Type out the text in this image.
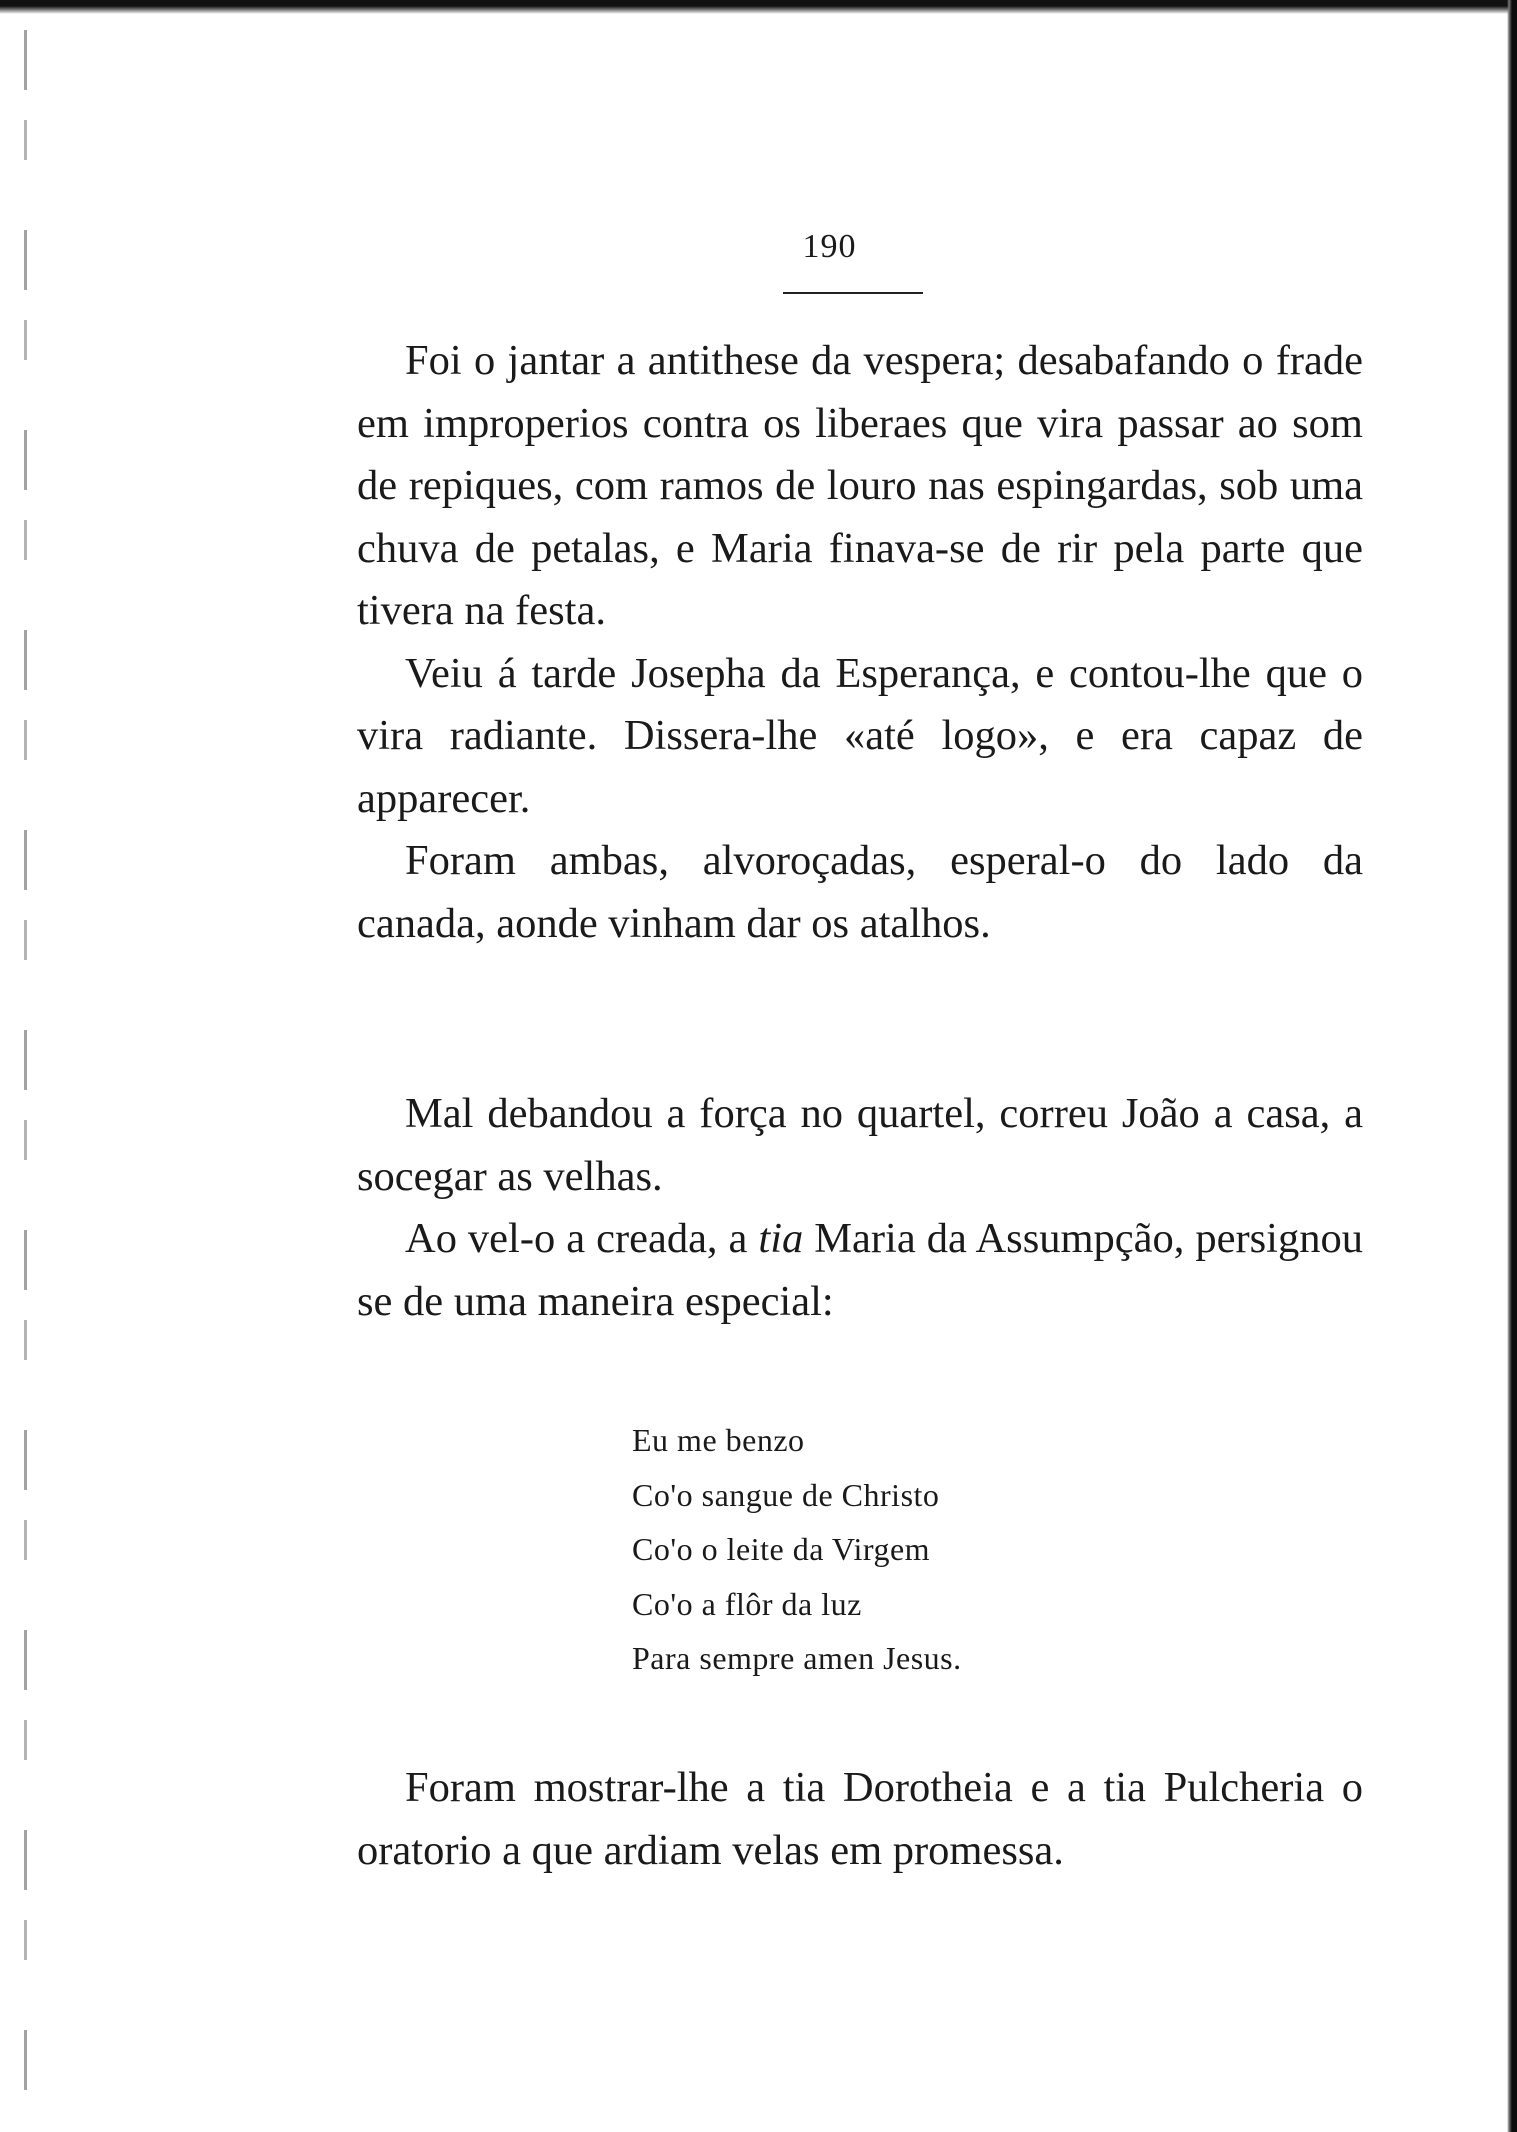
190

Foi o jantar a antithese da vespera; desabafando o frade em improperios contra os liberaes que vira passar ao som de repiques, com ramos de louro nas espingardas, sob uma chuva de petalas, e Maria finava-se de rir pela parte que tivera na festa.

Veiu á tarde Josepha da Esperança, e contou-lhe que o vira radiante. Dissera-lhe «até logo», e era capaz de apparecer.

Foram ambas, alvoroçadas, esperal-o do lado da canada, aonde vinham dar os atalhos.

Mal debandou a força no quartel, correu João a casa, a socegar as velhas.

Ao vel-o a creada, a tia Maria da Assumpção, persignou se de uma maneira especial:

Eu me benzo
Co'o sangue de Christo
Co'o o leite da Virgem
Co'o a flôr da luz
Para sempre amen Jesus.

Foram mostrar-lhe a tia Dorotheia e a tia Pulcheria o oratorio a que ardiam velas em promessa.
